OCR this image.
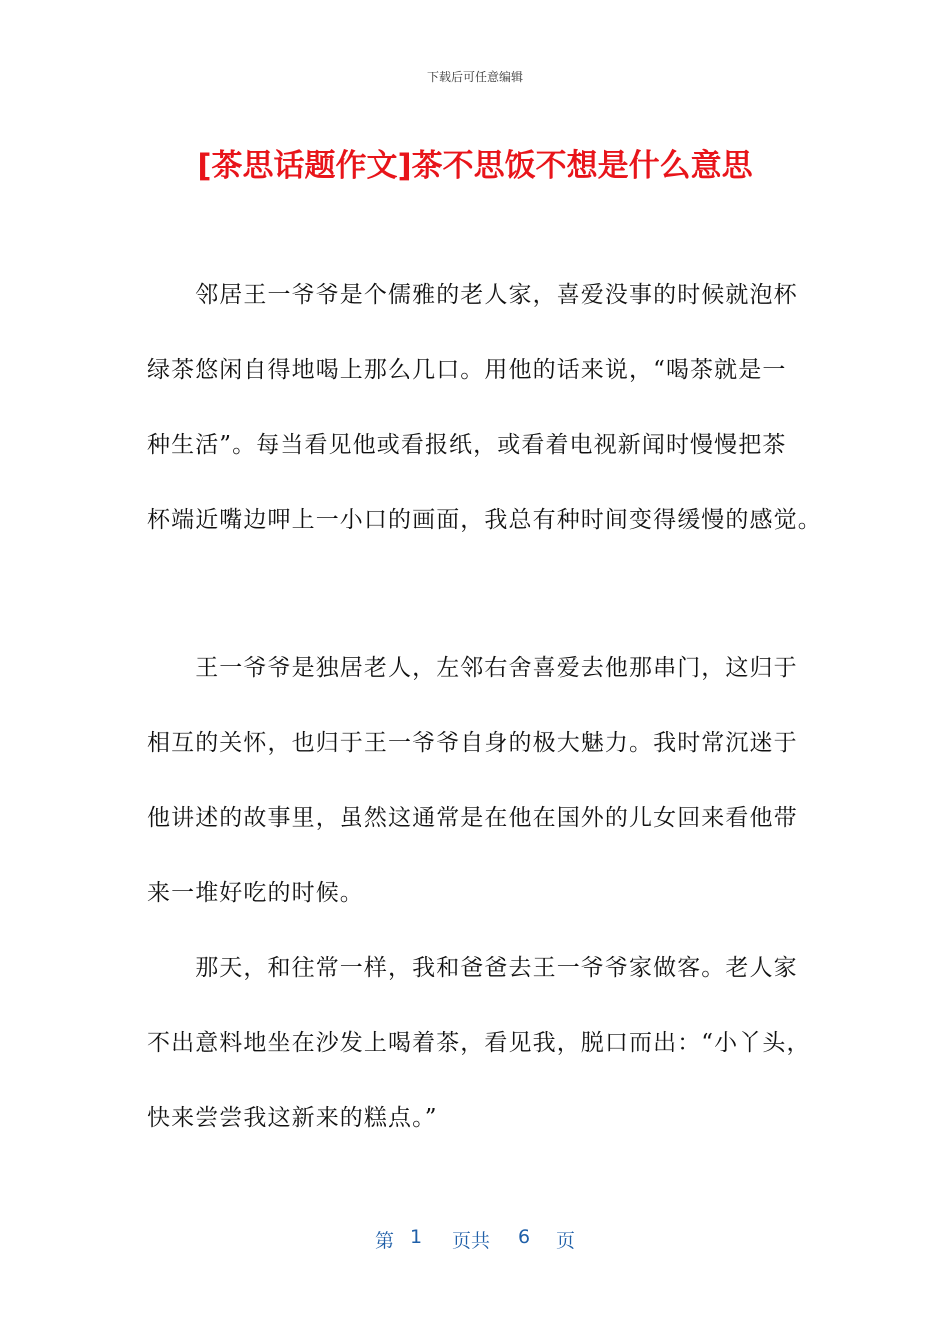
下载后可任意编辑
[茶思话题作文]茶不思饭不想是什么意思
　　邻居王一爷爷是个儒雅的老人家，喜爱没事的时候就泡杯
绿茶悠闲自得地喝上那么几口。用他的话来说，“喝茶就是一
种生活”。每当看见他或看报纸，或看着电视新闻时慢慢把茶
杯端近嘴边呷上一小口的画面，我总有种时间变得缓慢的感觉。
　　王一爷爷是独居老人，左邻右舍喜爱去他那串门，这归于
相互的关怀，也归于王一爷爷自身的极大魅力。我时常沉迷于
他讲述的故事里，虽然这通常是在他在国外的儿女回来看他带
来一堆好吃的时候。
　　那天，和往常一样，我和爸爸去王一爷爷家做客。老人家
不出意料地坐在沙发上喝着茶，看见我，脱口而出：“小丫头，
快来尝尝我这新来的糕点。”
第 1 页共 6 页
